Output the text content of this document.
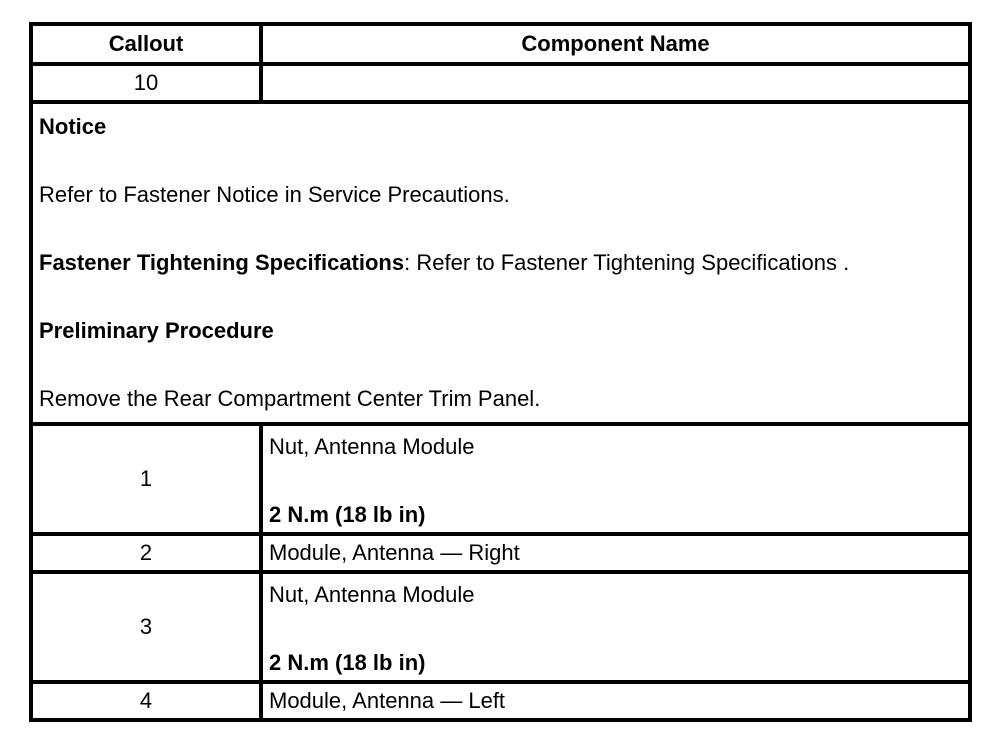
Callout	Component Name
10	

Notice

Refer to Fastener Notice in Service Precautions.

Fastener Tightening Specifications: Refer to Fastener Tightening Specifications .

Preliminary Procedure

Remove the Rear Compartment Center Trim Panel.	

1	Nut, Antenna Module
2 N.m (18 lb in)

2	Module, Antenna — Right
3	Nut, Antenna Module
2 N.m (18 lb in)

4	Module, Antenna — Left
